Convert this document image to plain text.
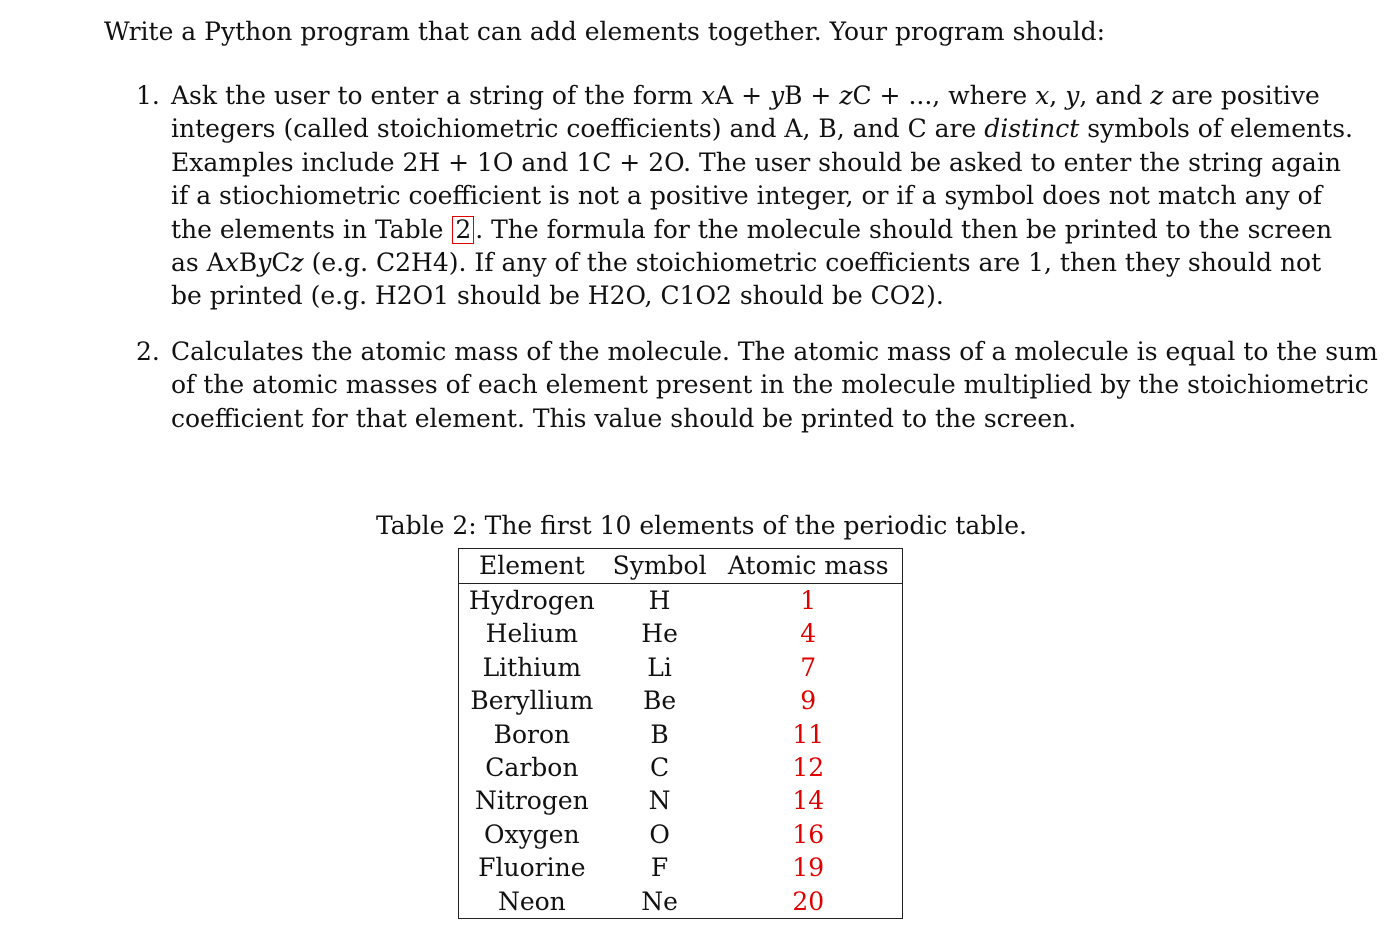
Write a Python program that can add elements together. Your program should:
1. Ask the user to enter a string of the form xA + yB + zC + ..., where x, y, and z are positive
integers (called stoichiometric coefficients) and A, B, and C are distinct symbols of elements.
Examples include 2H + 1O and 1C + 2O. The user should be asked to enter the string again
if a stiochiometric coefficient is not a positive integer, or if a symbol does not match any of
the elements in Table 2 . The formula for the molecule should then be printed to the screen
as AxByCz (e.g. C2H4). If any of the stoichiometric coefficients are 1, then they should not
be printed (e.g. H2O1 should be H2O, C1O2 should be CO2).
2. Calculates the atomic mass of the molecule. The atomic mass of a molecule is equal to the sum
of the atomic masses of each element present in the molecule multiplied by the stoichiometric
coefficient for that element. This value should be printed to the screen.
Table 2: The first 10 elements of the periodic table.
Element	Symbol	Atomic mass
Hydrogen	H	1
Helium	He	4
Lithium	Li	7
Beryllium	Be	9
Boron	B	11
Carbon	C	12
Nitrogen	N	14
Oxygen	O	16
Fluorine	F	19
Neon	Ne	20
